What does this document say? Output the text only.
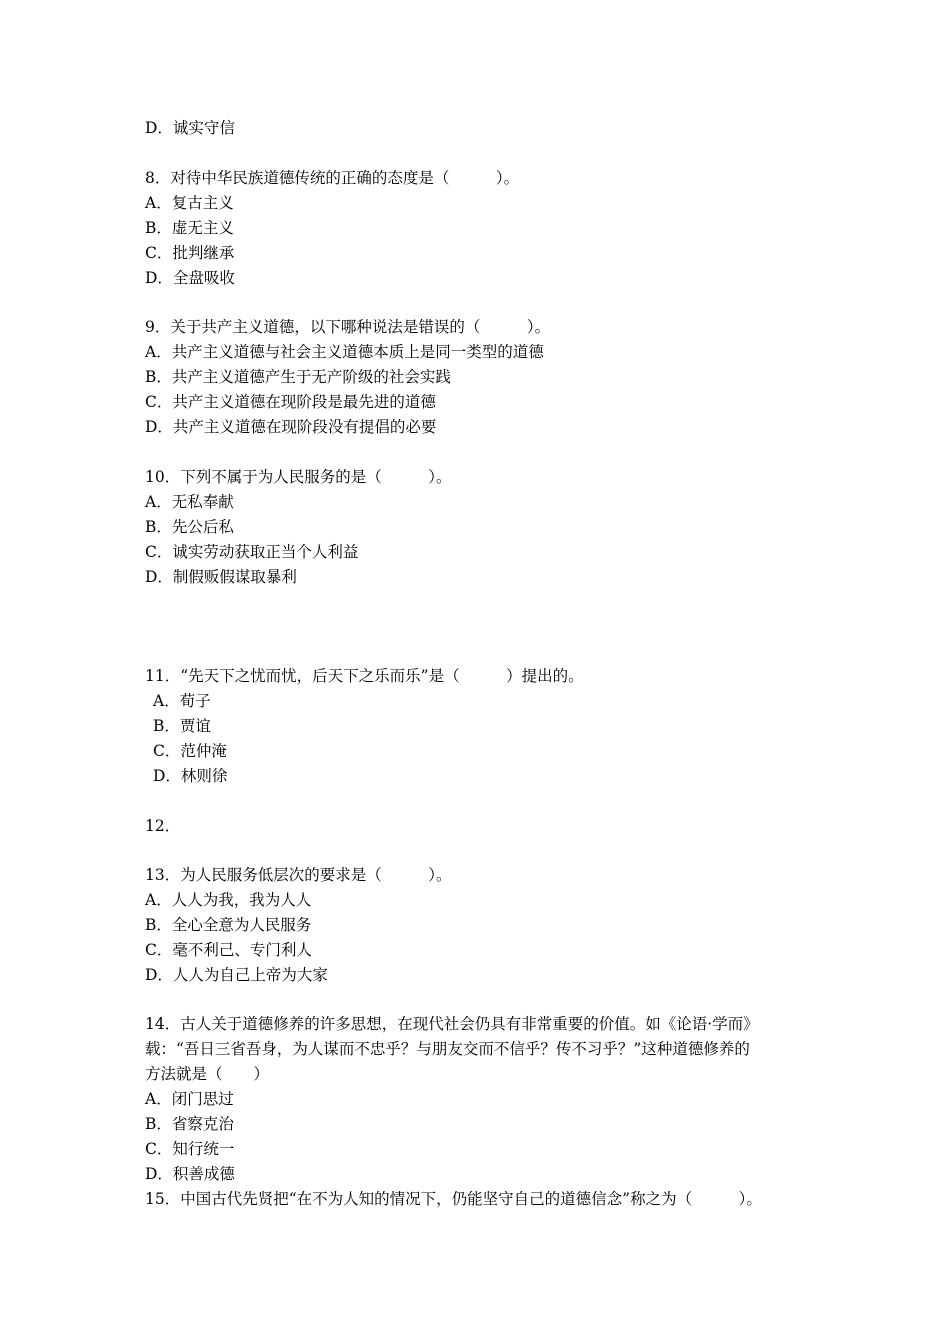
D．诚实守信
8．对待中华民族道德传统的正确的态度是（　　　）。
A．复古主义
B．虚无主义
C．批判继承
D．全盘吸收
9．关于共产主义道德，以下哪种说法是错误的（　　　）。
A．共产主义道德与社会主义道德本质上是同一类型的道德
B．共产主义道德产生于无产阶级的社会实践
C．共产主义道德在现阶段是最先进的道德
D．共产主义道德在现阶段没有提倡的必要
10．下列不属于为人民服务的是（　　　）。
A．无私奉献
B．先公后私
C．诚实劳动获取正当个人利益
D．制假贩假谋取暴利
11．“先天下之忧而忧，后天下之乐而乐”是（　　　）提出的。
A．荀子
B．贾谊
C．范仲淹
D．林则徐
12．
13．为人民服务低层次的要求是（　　　）。
A．人人为我，我为人人
B．全心全意为人民服务
C．毫不利己、专门利人
D．人人为自己上帝为大家
14．古人关于道德修养的许多思想，在现代社会仍具有非常重要的价值。如《论语·学而》
载：“吾日三省吾身，为人谋而不忠乎？与朋友交而不信乎？传不习乎？”这种道德修养的
方法就是（　　）
A．闭门思过
B．省察克治
C．知行统一
D．积善成德
15．中国古代先贤把“在不为人知的情况下，仍能坚守自己的道德信念”称之为（　　　）。
